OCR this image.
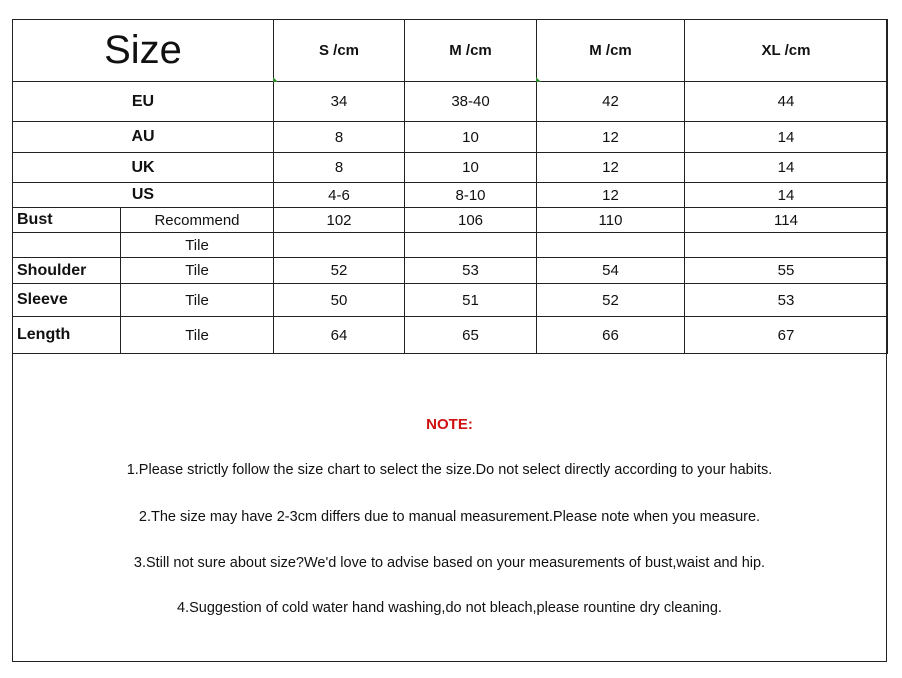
Size		S /cm	M /cm	M /cm	XL /cm
EU		34	38-40	42	44
AU		8	10	12	14
UK		8	10	12	14
US		4-6	8-10	12	14
Bust	Recommend	102	106	110	114
	Tile				
Shoulder	Tile	52	53	54	55
Sleeve	Tile	50	51	52	53
Length	Tile	64	65	66	67
NOTE:
1.Please strictly follow the size chart to select the size.Do not select directly according to your habits.
2.The size may have 2-3cm differs due to manual measurement.Please note when you measure.
3.Still not sure about size?We'd love to advise based on your measurements of bust,waist and hip.
4.Suggestion of cold water hand washing,do not bleach,please rountine dry cleaning.
